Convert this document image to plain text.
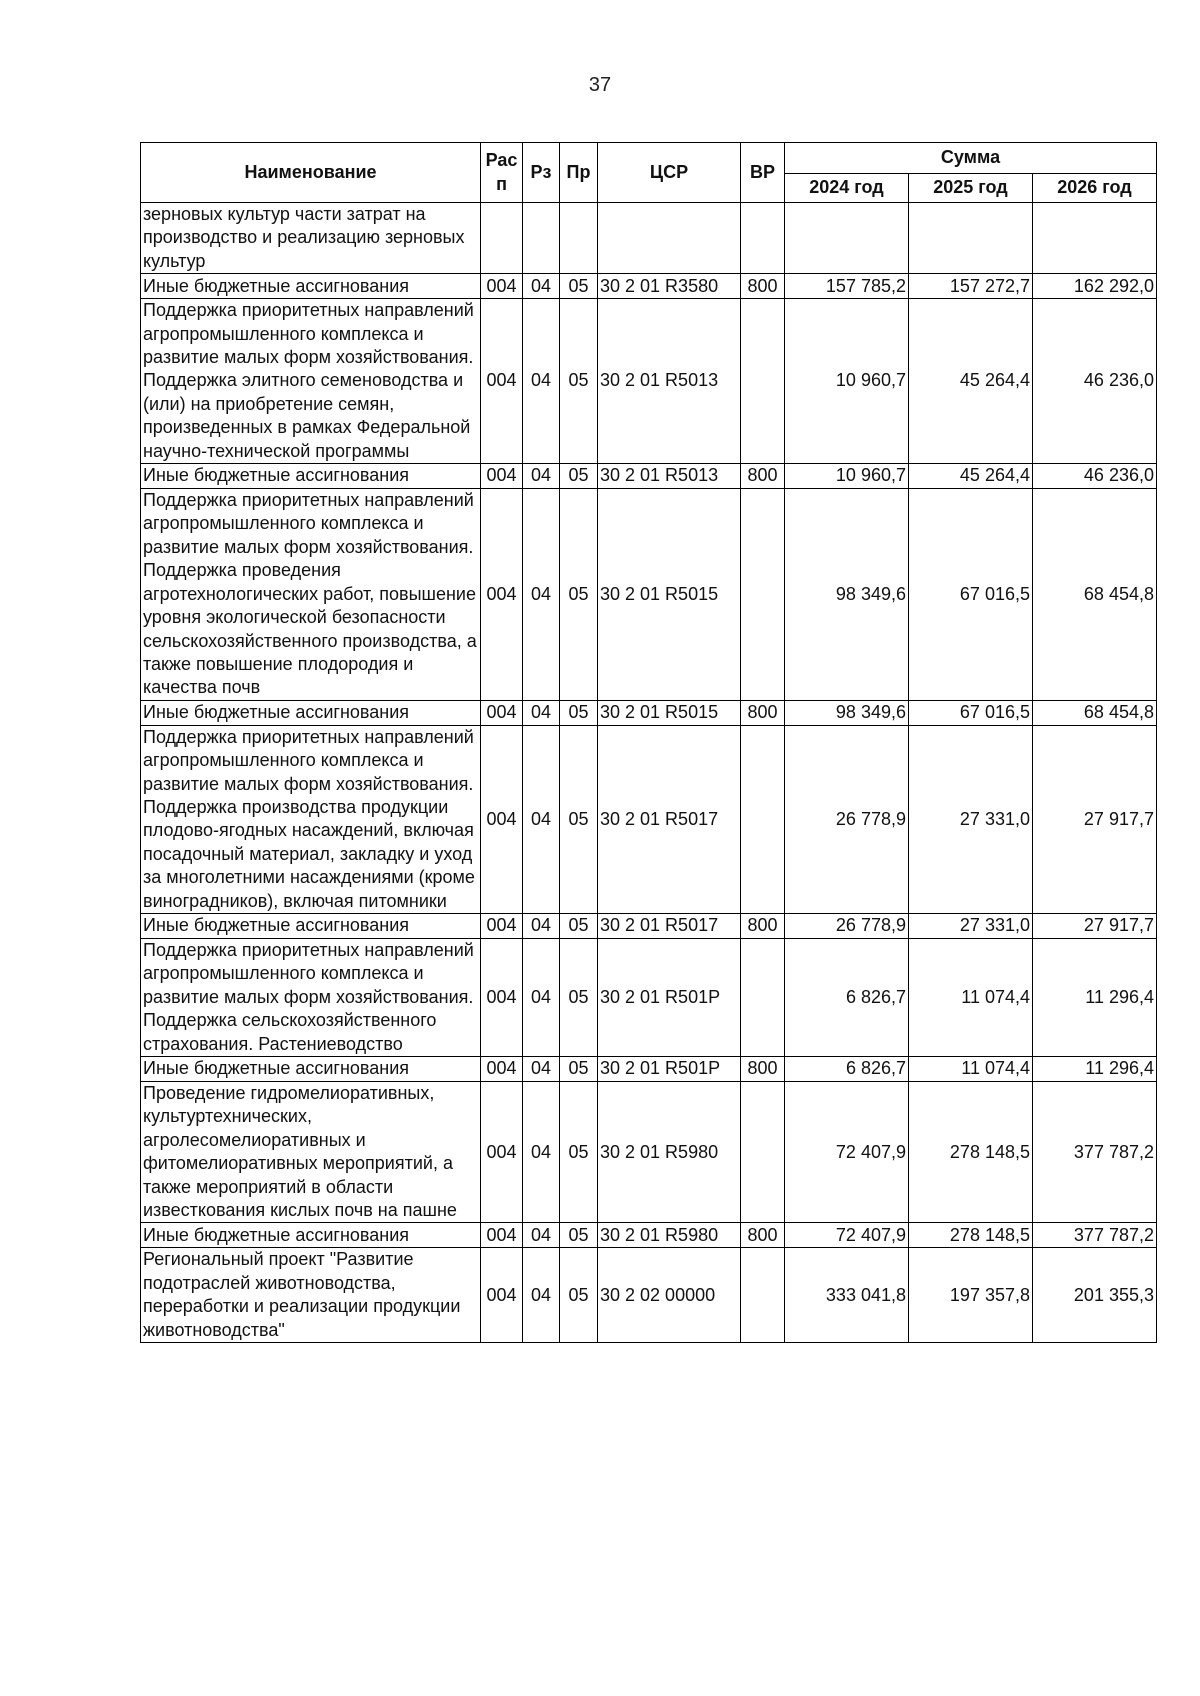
37
Наименование	Рас п	Рз	Пр	ЦСР	ВР	Сумма		
						2024 год	2025 год	2026 год
зерновых культур части затрат на производство и реализацию зерновых культур								
Иные бюджетные ассигнования	004	04	05	30 2 01 R3580	800	157 785,2	157 272,7	162 292,0
Поддержка приоритетных направлений агропромышленного комплекса и развитие малых форм хозяйствования. Поддержка элитного семеноводства и (или) на приобретение семян, произведенных в рамках Федеральной научно-технической программы	004	04	05	30 2 01 R5013		10 960,7	45 264,4	46 236,0
Иные бюджетные ассигнования	004	04	05	30 2 01 R5013	800	10 960,7	45 264,4	46 236,0
Поддержка приоритетных направлений агропромышленного комплекса и развитие малых форм хозяйствования. Поддержка проведения агротехнологических работ, повышение уровня экологической безопасности сельскохозяйственного производства, а также повышение плодородия и качества почв	004	04	05	30 2 01 R5015		98 349,6	67 016,5	68 454,8
Иные бюджетные ассигнования	004	04	05	30 2 01 R5015	800	98 349,6	67 016,5	68 454,8
Поддержка приоритетных направлений агропромышленного комплекса и развитие малых форм хозяйствования. Поддержка производства продукции плодово-ягодных насаждений, включая посадочный материал, закладку и уход за многолетними насаждениями (кроме виноградников), включая питомники	004	04	05	30 2 01 R5017		26 778,9	27 331,0	27 917,7
Иные бюджетные ассигнования	004	04	05	30 2 01 R5017	800	26 778,9	27 331,0	27 917,7
Поддержка приоритетных направлений агропромышленного комплекса и развитие малых форм хозяйствования. Поддержка сельскохозяйственного страхования. Растениеводство	004	04	05	30 2 01 R501P		6 826,7	11 074,4	11 296,4
Иные бюджетные ассигнования	004	04	05	30 2 01 R501P	800	6 826,7	11 074,4	11 296,4
Проведение гидромелиоративных, культуртехнических, агролесомелиоративных и фитомелиоративных мероприятий, а также мероприятий в области известкования кислых почв на пашне	004	04	05	30 2 01 R5980		72 407,9	278 148,5	377 787,2
Иные бюджетные ассигнования	004	04	05	30 2 01 R5980	800	72 407,9	278 148,5	377 787,2
Региональный проект "Развитие подотраслей животноводства, переработки и реализации продукции животноводства"	004	04	05	30 2 02 00000		333 041,8	197 357,8	201 355,3
